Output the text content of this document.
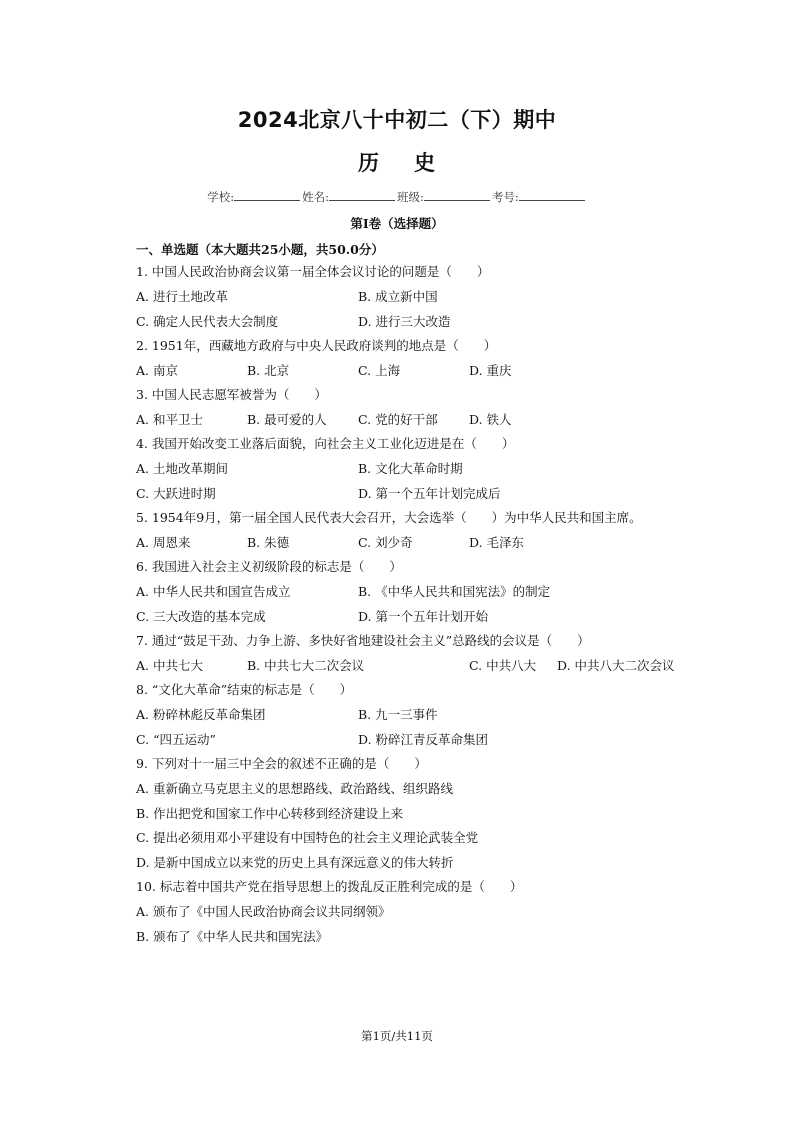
2024北京八十中初二（下）期中
历 史
学校:	姓名:	班级:	考号:
第Ⅰ卷（选择题）
一、单选题（本大题共25小题，共50.0分）
1. 中国人民政治协商会议第一届全体会议讨论的问题是（　　）
A. 进行土地改革	B. 成立新中国
C. 确定人民代表大会制度	D. 进行三大改造
2. 1951年，西藏地方政府与中央人民政府谈判的地点是（　　）
A. 南京	B. 北京	C. 上海	D. 重庆
3. 中国人民志愿军被誉为（　　）
A. 和平卫士	B. 最可爱的人	C. 党的好干部	D. 铁人
4. 我国开始改变工业落后面貌，向社会主义工业化迈进是在（　　）
A. 土地改革期间	B. 文化大革命时期
C. 大跃进时期	D. 第一个五年计划完成后
5. 1954年9月，第一届全国人民代表大会召开，大会选举（　　）为中华人民共和国主席。
A. 周恩来	B. 朱德	C. 刘少奇	D. 毛泽东
6. 我国进入社会主义初级阶段的标志是（　　）
A. 中华人民共和国宣告成立	B. 《中华人民共和国宪法》的制定
C. 三大改造的基本完成	D. 第一个五年计划开始
7. 通过“鼓足干劲、力争上游、多快好省地建设社会主义”总路线的会议是（　　）
A. 中共七大	B. 中共七大二次会议	C. 中共八大 D. 中共八大二次会议
8. “文化大革命”结束的标志是（　　）
A. 粉碎林彪反革命集团	B. 九一三事件
C. “四五运动”	D. 粉碎江青反革命集团
9. 下列对十一届三中全会的叙述不正确的是（　　）
A. 重新确立马克思主义的思想路线、政治路线、组织路线
B. 作出把党和国家工作中心转移到经济建设上来
C. 提出必须用邓小平建设有中国特色的社会主义理论武装全党
D. 是新中国成立以来党的历史上具有深远意义的伟大转折
10. 标志着中国共产党在指导思想上的拨乱反正胜利完成的是（　　）
A. 颁布了《中国人民政治协商会议共同纲领》
B. 颁布了《中华人民共和国宪法》
第1页/共11页
